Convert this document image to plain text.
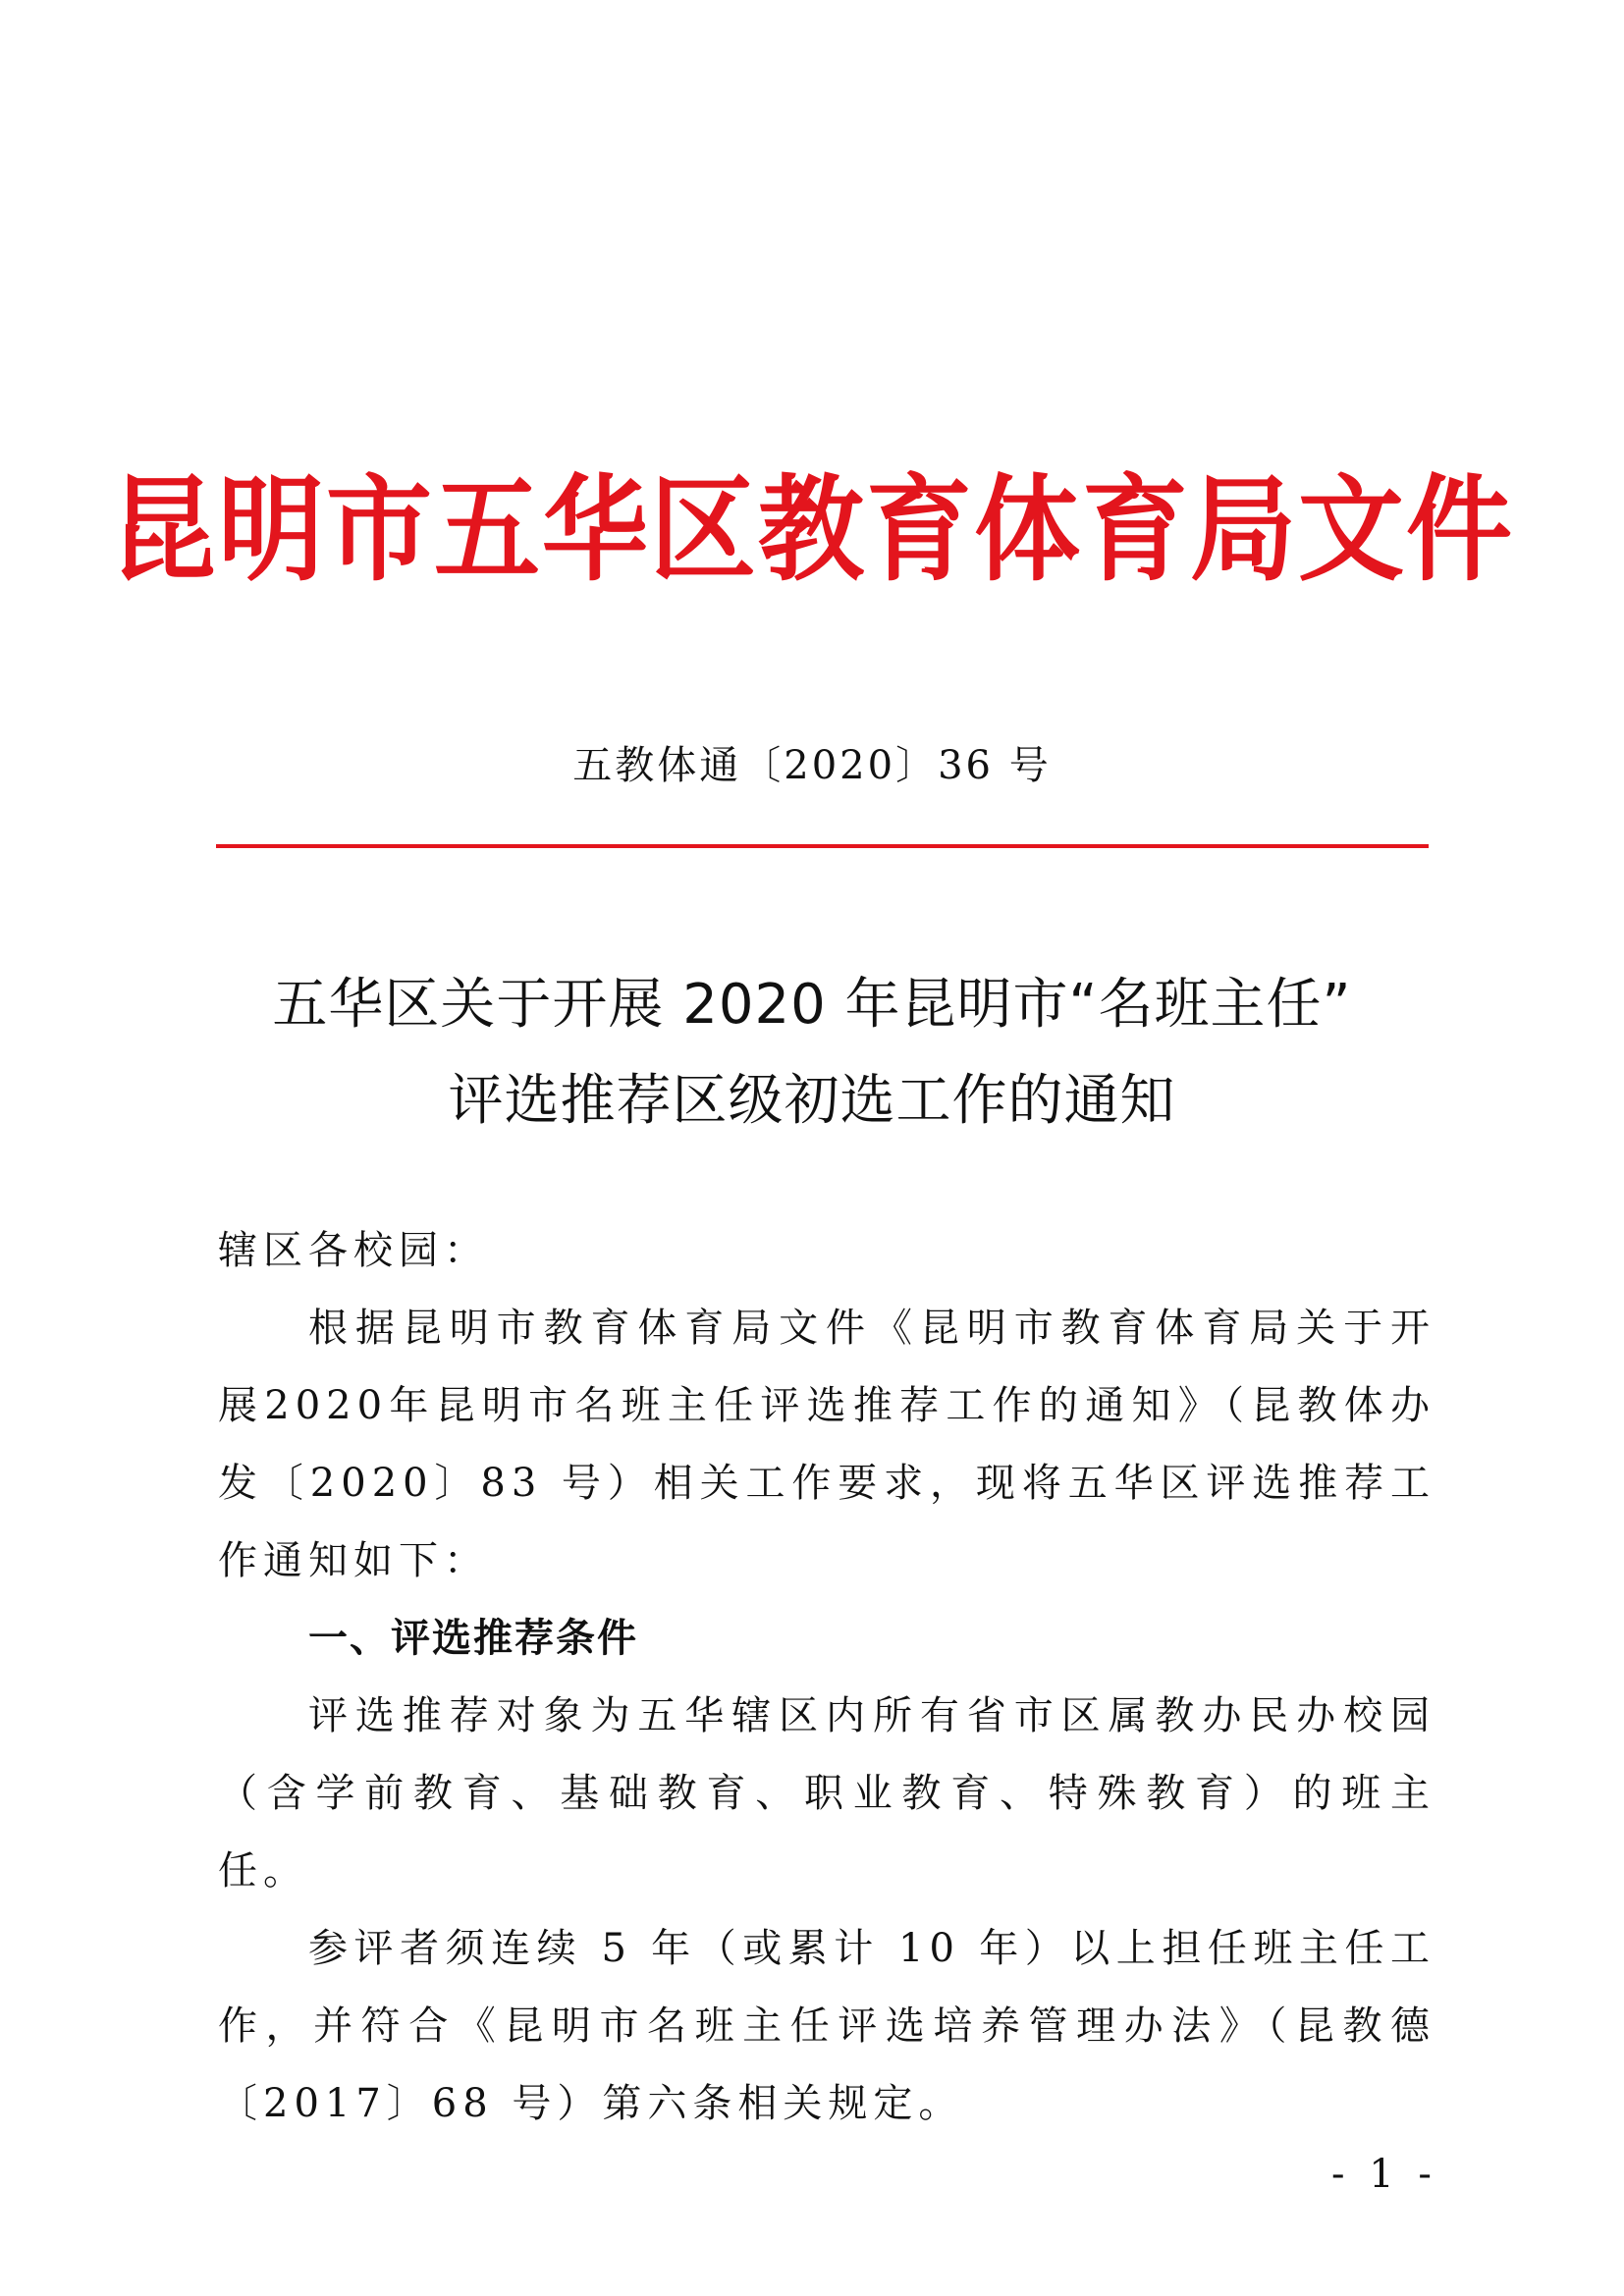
昆明市五华区教育体育局文件
五教体通〔2020〕36 号
五华区关于开展 2020 年昆明市“名班主任”
评选推荐区级初选工作的通知

辖区各校园：

根据昆明市教育体育局文件《昆明市教育体育局关于开展2020年昆明市名班主任评选推荐工作的通知》（昆教体办发〔2020〕83 号）相关工作要求，现将五华区评选推荐工作通知如下：

一、评选推荐条件

评选推荐对象为五华辖区内所有省市区属教办民办校园（含学前教育、基础教育、职业教育、特殊教育）的班主任。

参评者须连续 5 年（或累计 10 年）以上担任班主任工作，并符合《昆明市名班主任评选培养管理办法》（昆教德〔2017〕68 号）第六条相关规定。

- 1 -
